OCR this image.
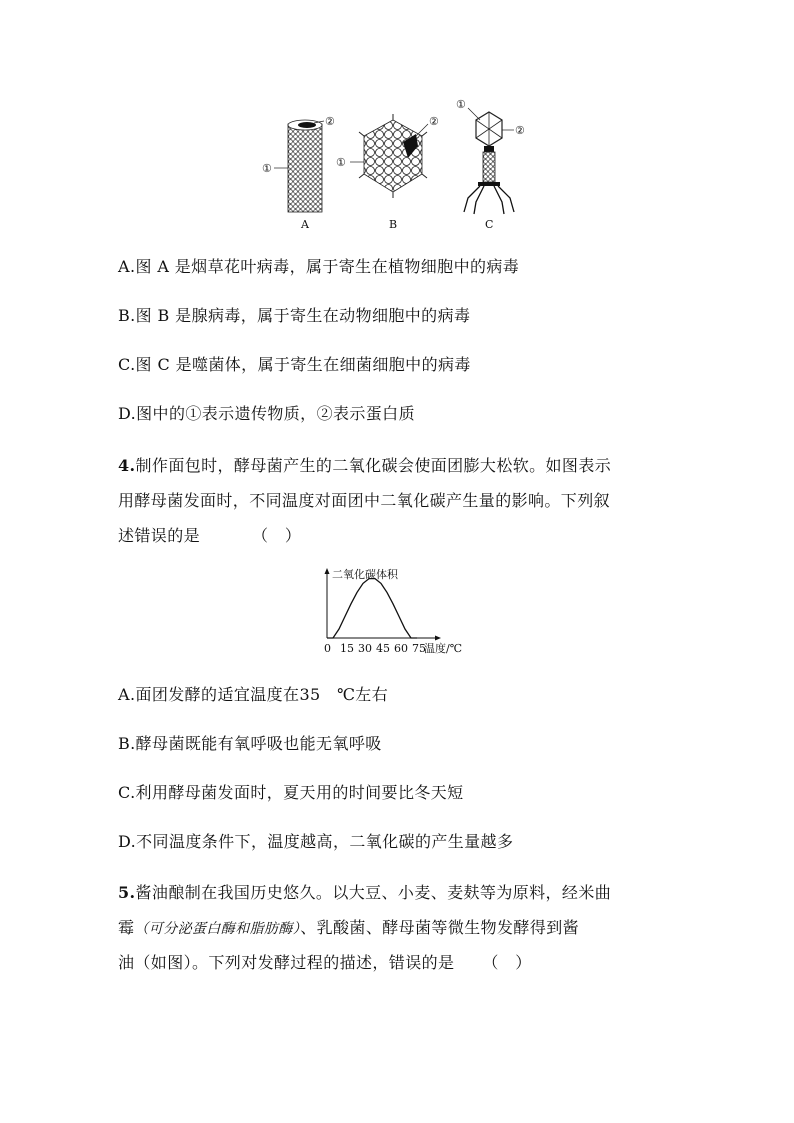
①
②
A
①
②
B
①
②
C
A.图 A 是烟草花叶病毒，属于寄生在植物细胞中的病毒
B.图 B 是腺病毒，属于寄生在动物细胞中的病毒
C.图 C 是噬菌体，属于寄生在细菌细胞中的病毒
D.图中的①表示遗传物质，②表示蛋白质
4.制作面包时，酵母菌产生的二氧化碳会使面团膨大松软。如图表示
用酵母菌发面时，不同温度对面团中二氧化碳产生量的影响。下列叙
述错误的是	（　）
二氧化碳体积
温度/℃
0 15 30 45 60 75
A.面团发酵的适宜温度在35　℃左右
B.酵母菌既能有氧呼吸也能无氧呼吸
C.利用酵母菌发面时，夏天用的时间要比冬天短
D.不同温度条件下，温度越高，二氧化碳的产生量越多
5.酱油酿制在我国历史悠久。以大豆、小麦、麦麸等为原料，经米曲
霉（可分泌蛋白酶和脂肪酶）、乳酸菌、酵母菌等微生物发酵得到酱
油（如图）。下列对发酵过程的描述，错误的是 （　）
